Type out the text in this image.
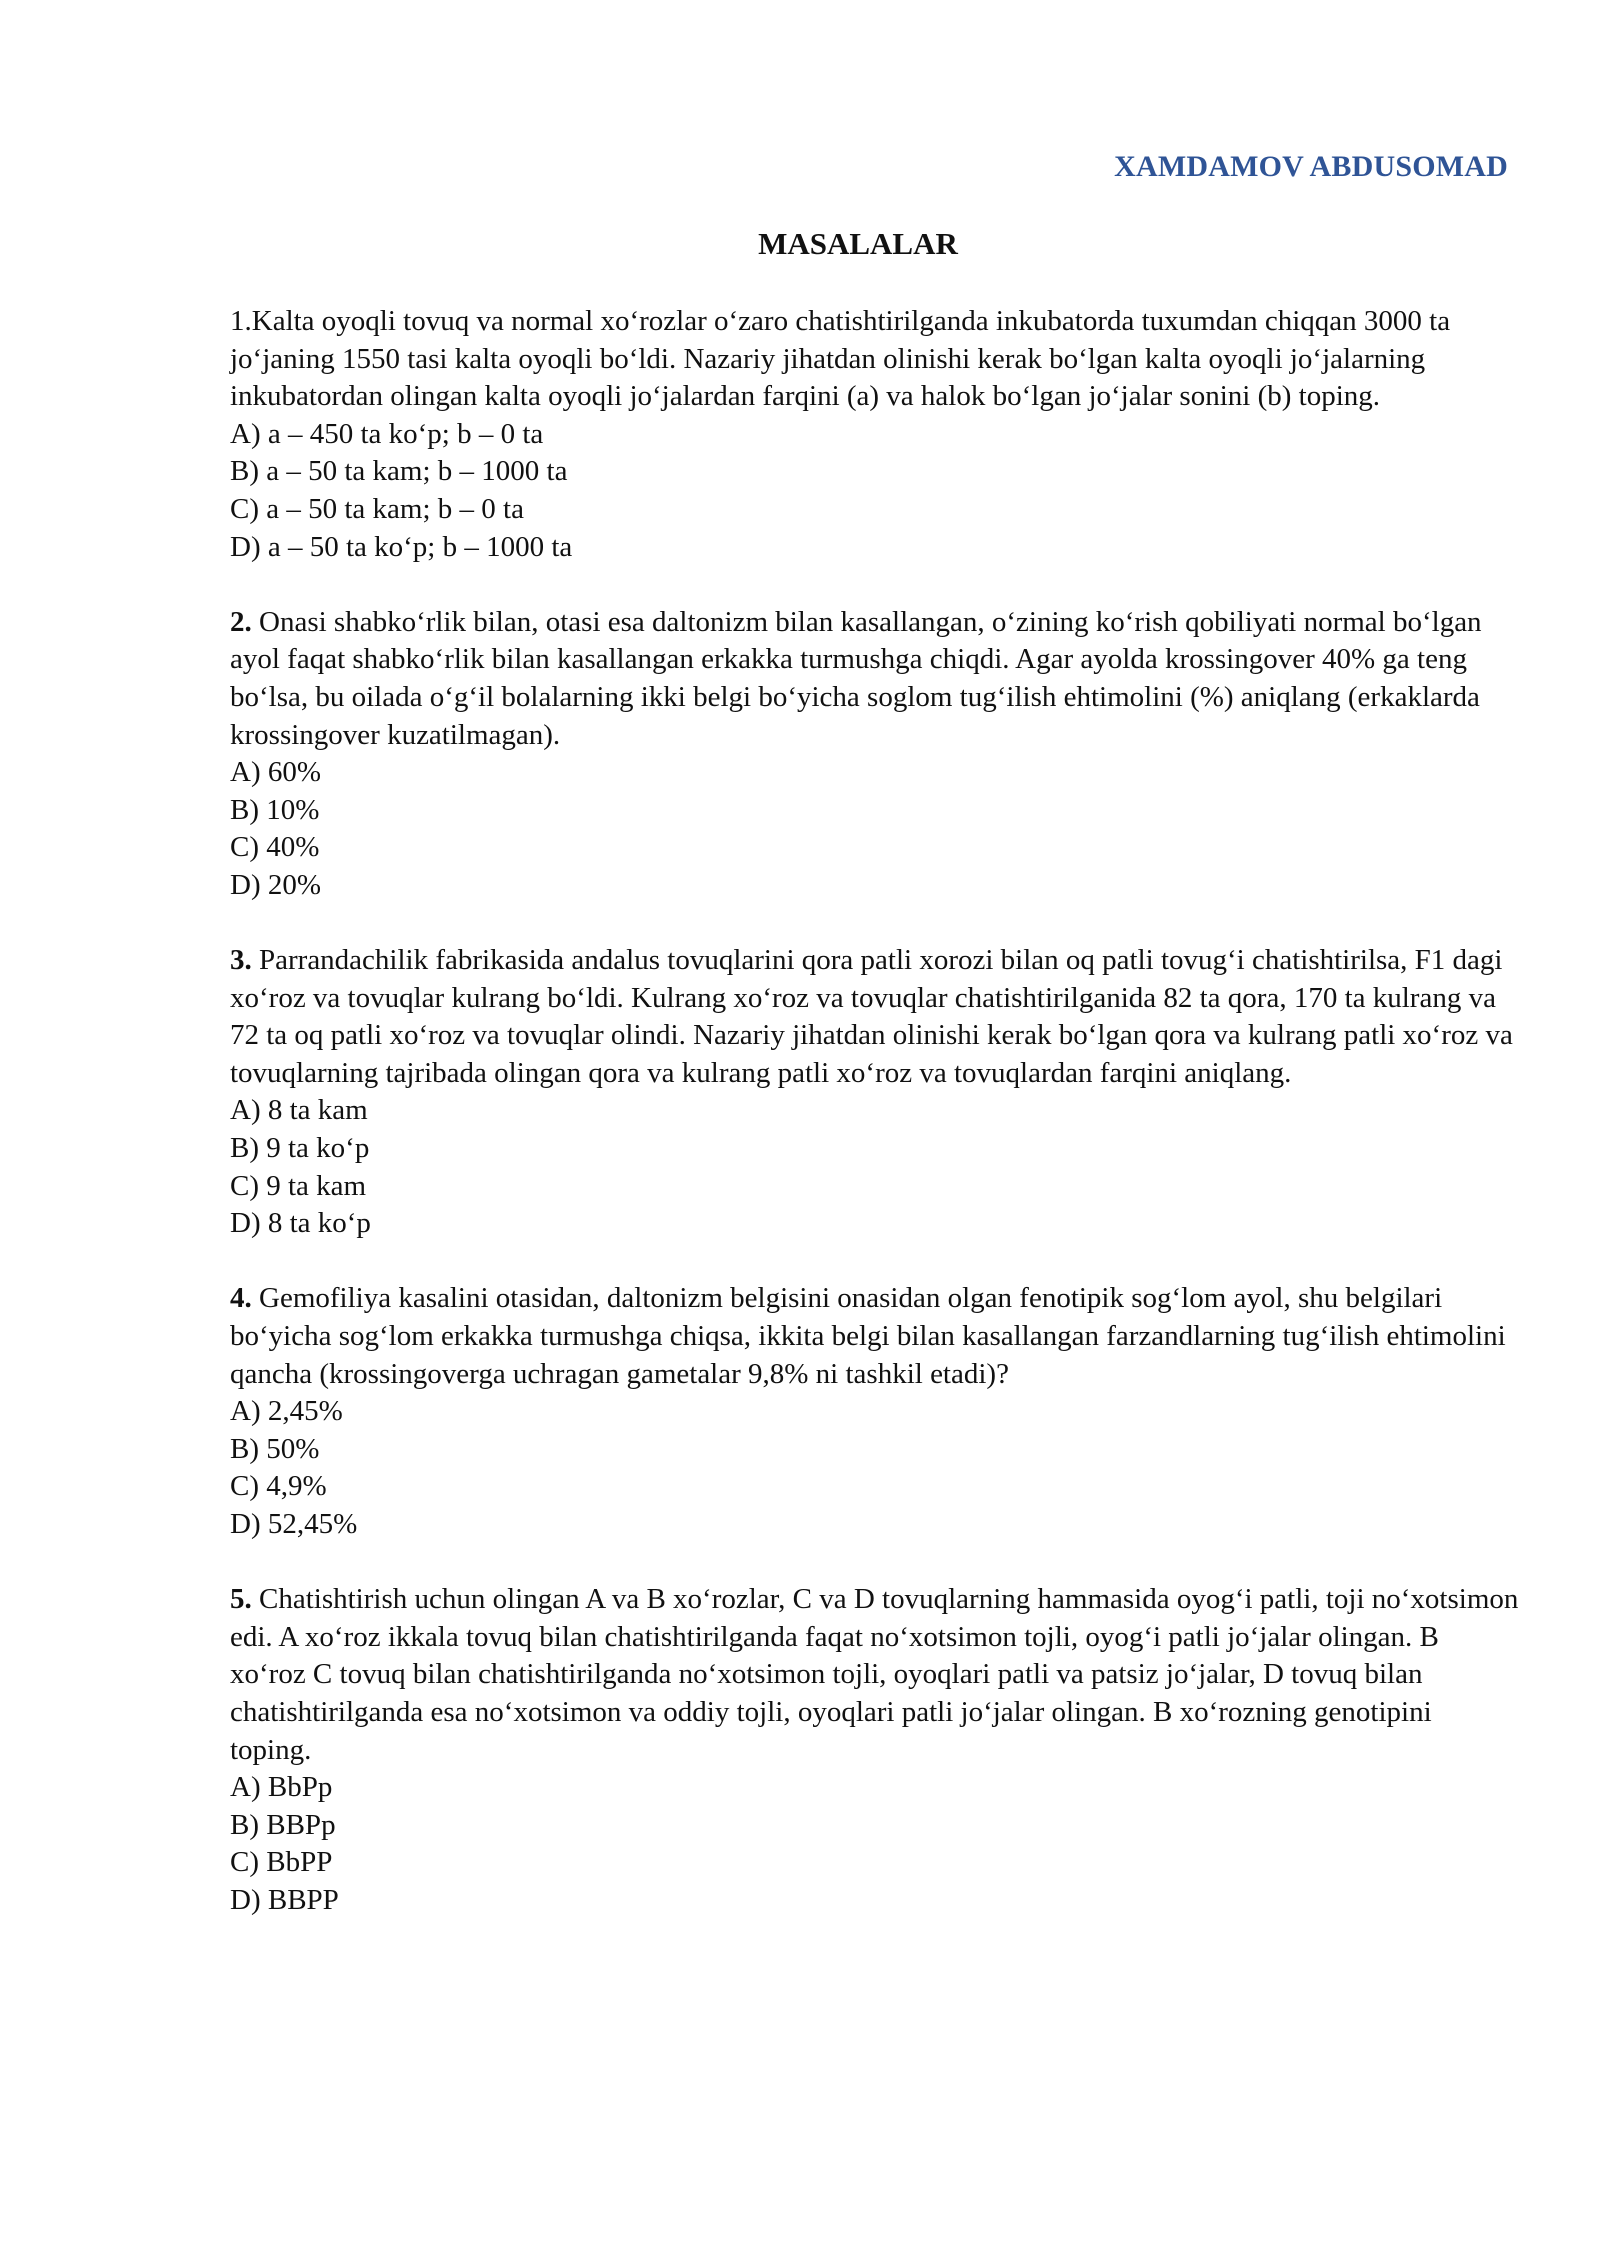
XAMDAMOV ABDUSOMAD
MASALALAR

1.Kalta oyoqli tovuq va normal xo‘rozlar o‘zaro chatishtirilganda inkubatorda tuxumdan chiqqan 3000 ta jo‘janing 1550 tasi kalta oyoqli bo‘ldi. Nazariy jihatdan olinishi kerak bo‘lgan kalta oyoqli jo‘jalarning inkubatordan olingan kalta oyoqli jo‘jalardan farqini (a) va halok bo‘lgan jo‘jalar sonini (b) toping.

A) a – 450 ta ko‘p; b – 0 ta
B) a – 50 ta kam; b – 1000 ta
C) a – 50 ta kam; b – 0 ta
D) a – 50 ta ko‘p; b – 1000 ta

2. Onasi shabko‘rlik bilan, otasi esa daltonizm bilan kasallangan, o‘zining ko‘rish qobiliyati normal bo‘lgan ayol faqat shabko‘rlik bilan kasallangan erkakka turmushga chiqdi. Agar ayolda krossingover 40% ga teng bo‘lsa, bu oilada o‘g‘il bolalarning ikki belgi bo‘yicha soglom tug‘ilish ehtimolini (%) aniqlang (erkaklarda krossingover kuzatilmagan).

A) 60%
B) 10%
C) 40%
D) 20%

3. Parrandachilik fabrikasida andalus tovuqlarini qora patli xorozi bilan oq patli tovug‘i chatishtirilsa, F1 dagi xo‘roz va tovuqlar kulrang bo‘ldi. Kulrang xo‘roz va tovuqlar chatishtirilganida 82 ta qora, 170 ta kulrang va 72 ta oq patli xo‘roz va tovuqlar olindi. Nazariy jihatdan olinishi kerak bo‘lgan qora va kulrang patli xo‘roz va tovuqlarning tajribada olingan qora va kulrang patli xo‘roz va tovuqlardan farqini aniqlang.

A) 8 ta kam
B) 9 ta ko‘p
C) 9 ta kam
D) 8 ta ko‘p

4. Gemofiliya kasalini otasidan, daltonizm belgisini onasidan olgan fenotipik sog‘lom ayol, shu belgilari bo‘yicha sog‘lom erkakka turmushga chiqsa, ikkita belgi bilan kasallangan farzandlarning tug‘ilish ehtimolini qancha (krossingoverga uchragan gametalar 9,8% ni tashkil etadi)?

A) 2,45%
B) 50%
C) 4,9%
D) 52,45%

5. Chatishtirish uchun olingan A va B xo‘rozlar, C va D tovuqlarning hammasida oyog‘i patli, toji no‘xotsimon edi. A xo‘roz ikkala tovuq bilan chatishtirilganda faqat no‘xotsimon tojli, oyog‘i patli jo‘jalar olingan. B xo‘roz C tovuq bilan chatishtirilganda no‘xotsimon tojli, oyoqlari patli va patsiz jo‘jalar, D tovuq bilan chatishtirilganda esa no‘xotsimon va oddiy tojli, oyoqlari patli jo‘jalar olingan. B xo‘rozning genotipini toping.

A) BbPp
B) BBPp
C) BbPP
D) BBPP
